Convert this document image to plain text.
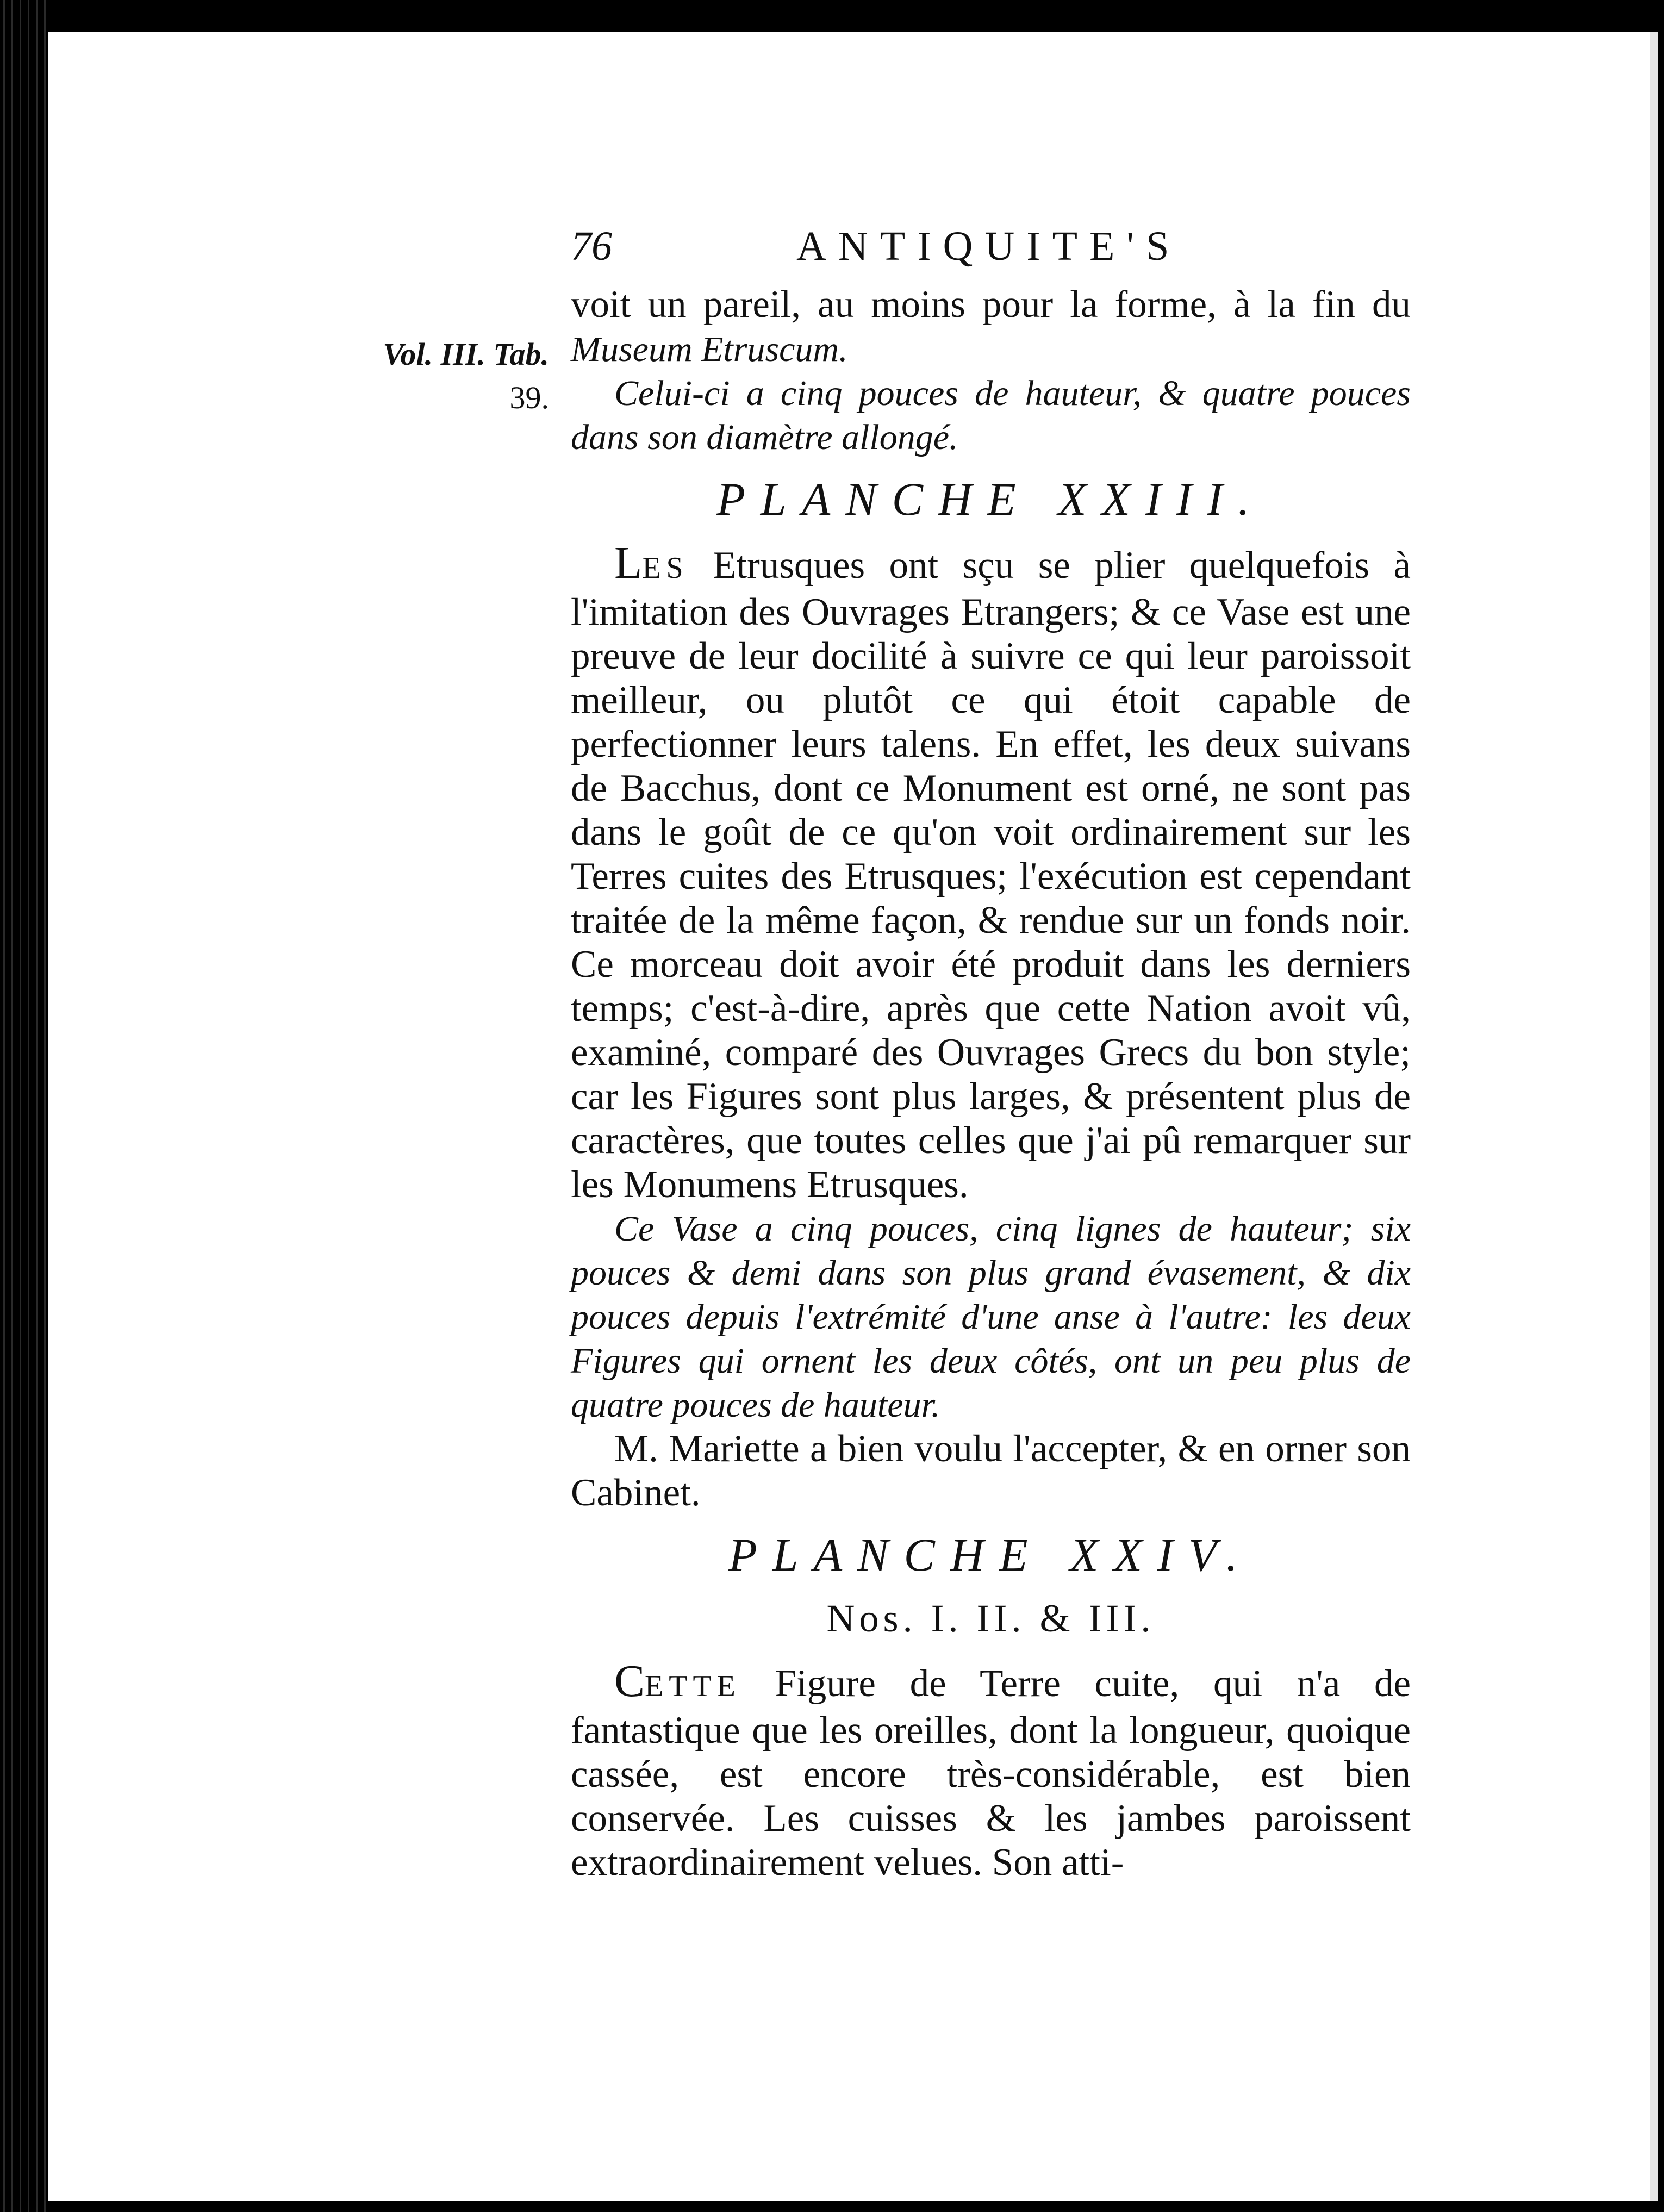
76	ANTIQUITE'S
Vol. III. Tab.
39.

voit un pareil, au moins pour la forme, à la fin du Museum Etruscum.

Celui-ci a cinq pouces de hauteur, & quatre pouces dans son diamètre allongé.

PLANCHE XXIII.

LES Etrusques ont sçu se plier quelquefois à l'imitation des Ouvrages Etrangers; & ce Vase est une preuve de leur docilité à suivre ce qui leur paroissoit meilleur, ou plutôt ce qui étoit capable de perfectionner leurs talens. En effet, les deux suivans de Bacchus, dont ce Monument est orné, ne sont pas dans le goût de ce qu'on voit ordinairement sur les Terres cuites des Etrusques; l'exécution est cependant traitée de la même façon, & rendue sur un fonds noir. Ce morceau doit avoir été produit dans les derniers temps; c'est-à-dire, après que cette Nation avoit vû, examiné, comparé des Ouvrages Grecs du bon style; car les Figures sont plus larges, & présentent plus de caractères, que toutes celles que j'ai pû remarquer sur les Monumens Etrusques.

Ce Vase a cinq pouces, cinq lignes de hauteur; six pouces & demi dans son plus grand évasement, & dix pouces depuis l'extrémité d'une anse à l'autre: les deux Figures qui ornent les deux côtés, ont un peu plus de quatre pouces de hauteur.

M. Mariette a bien voulu l'accepter, & en orner son Cabinet.

PLANCHE XXIV.
Nos. I. II. & III.

CETTE Figure de Terre cuite, qui n'a de fantastique que les oreilles, dont la longueur, quoique cassée, est encore très-considérable, est bien conservée. Les cuisses & les jambes paroissent extraordinairement velues. Son atti-
